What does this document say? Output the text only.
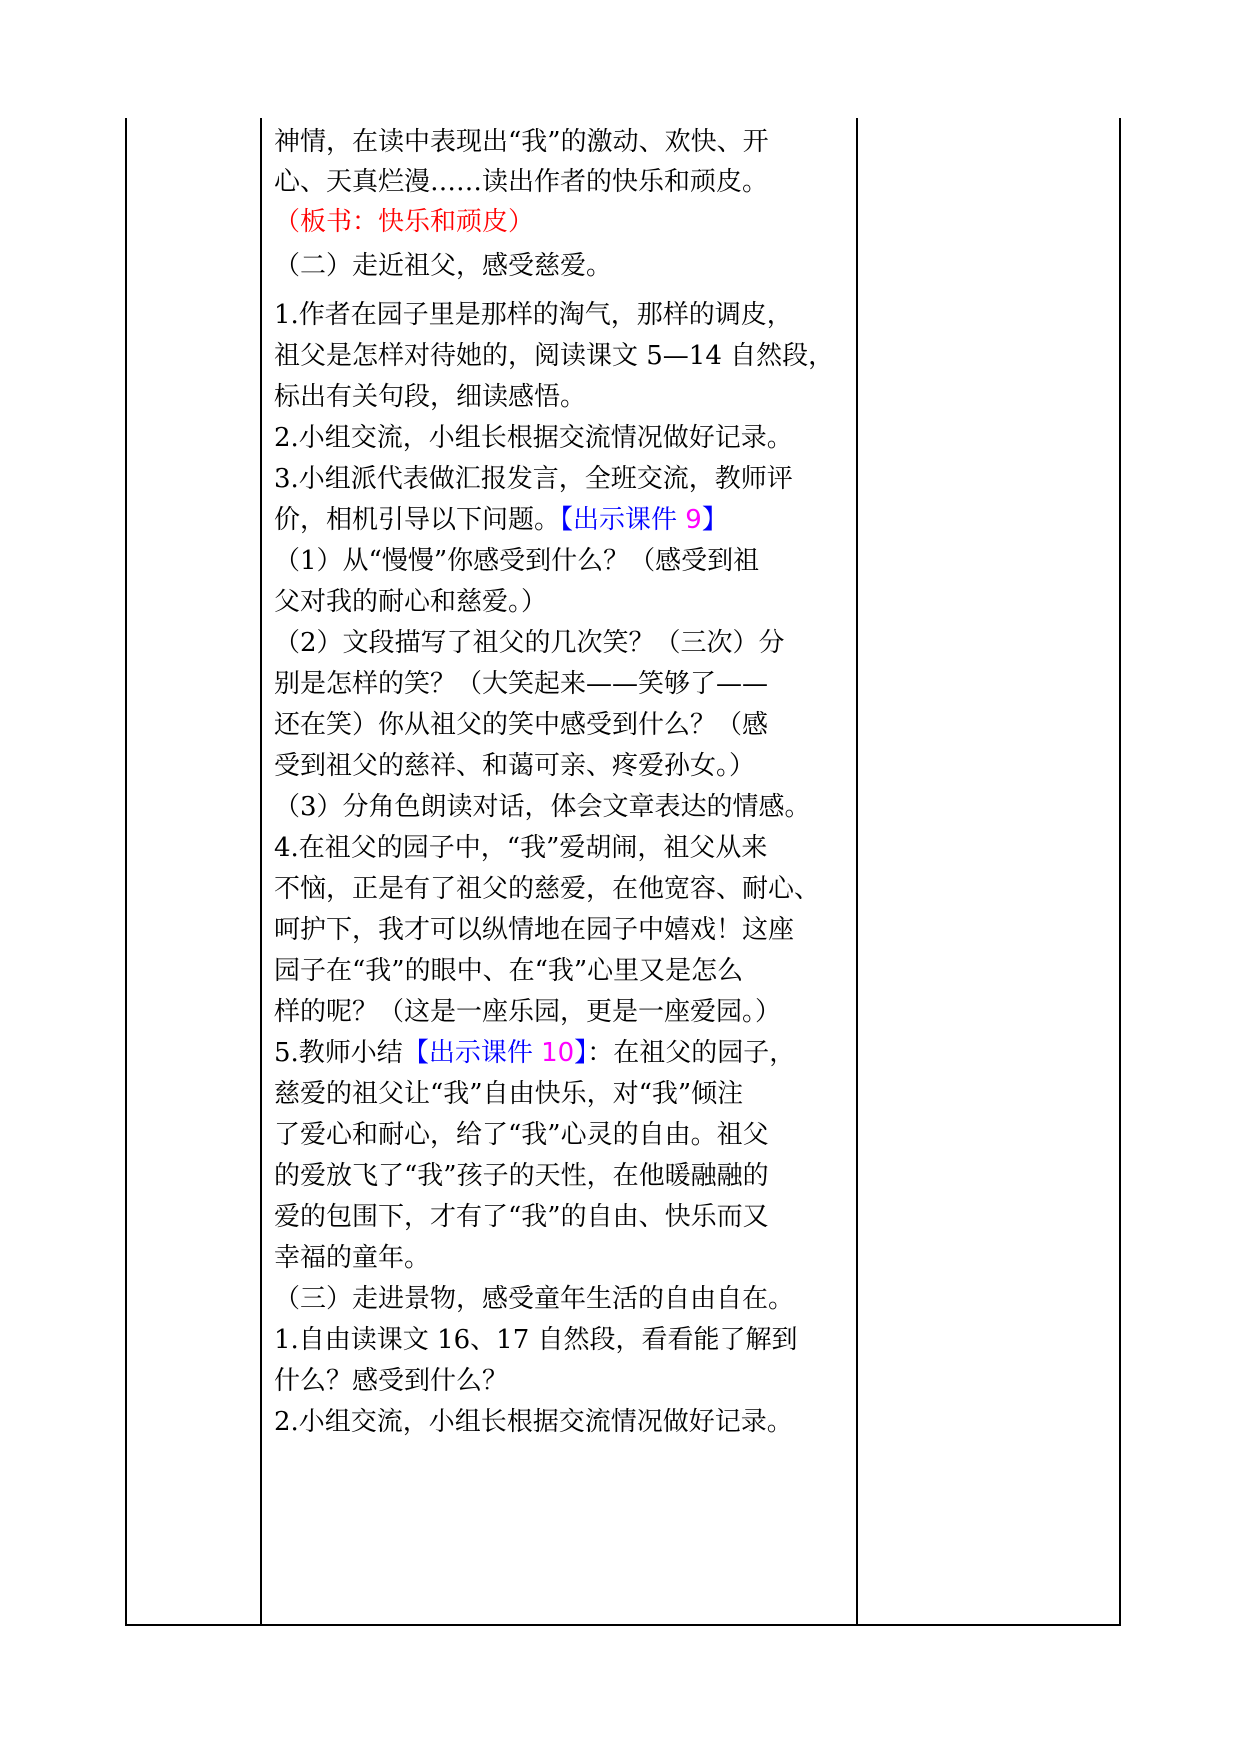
神情，在读中表现出“我”的激动、欢快、开
心、天真烂漫……读出作者的快乐和顽皮。
（板书：快乐和顽皮）
（二）走近祖父，感受慈爱。
1.作者在园子里是那样的淘气，那样的调皮，
祖父是怎样对待她的，阅读课文 5—14 自然段，
标出有关句段，细读感悟。
2.小组交流，小组长根据交流情况做好记录。
3.小组派代表做汇报发言，全班交流，教师评
价，相机引导以下问题。【出示课件 9】
（1）从“慢慢”你感受到什么？（感受到祖
父对我的耐心和慈爱。）
（2）文段描写了祖父的几次笑？（三次）分
别是怎样的笑？（大笑起来——笑够了——
还在笑）你从祖父的笑中感受到什么？（感
受到祖父的慈祥、和蔼可亲、疼爱孙女。）
（3）分角色朗读对话，体会文章表达的情感。
4.在祖父的园子中，“我”爱胡闹，祖父从来
不恼，正是有了祖父的慈爱，在他宽容、耐心、
呵护下，我才可以纵情地在园子中嬉戏！这座
园子在“我”的眼中、在“我”心里又是怎么
样的呢？（这是一座乐园，更是一座爱园。）
5.教师小结【出示课件 10】：在祖父的园子，
慈爱的祖父让“我”自由快乐，对“我”倾注
了爱心和耐心，给了“我”心灵的自由。祖父
的爱放飞了“我”孩子的天性，在他暖融融的
爱的包围下，才有了“我”的自由、快乐而又
幸福的童年。
（三）走进景物，感受童年生活的自由自在。
1.自由读课文 16、17 自然段，看看能了解到
什么？感受到什么？
2.小组交流，小组长根据交流情况做好记录。
